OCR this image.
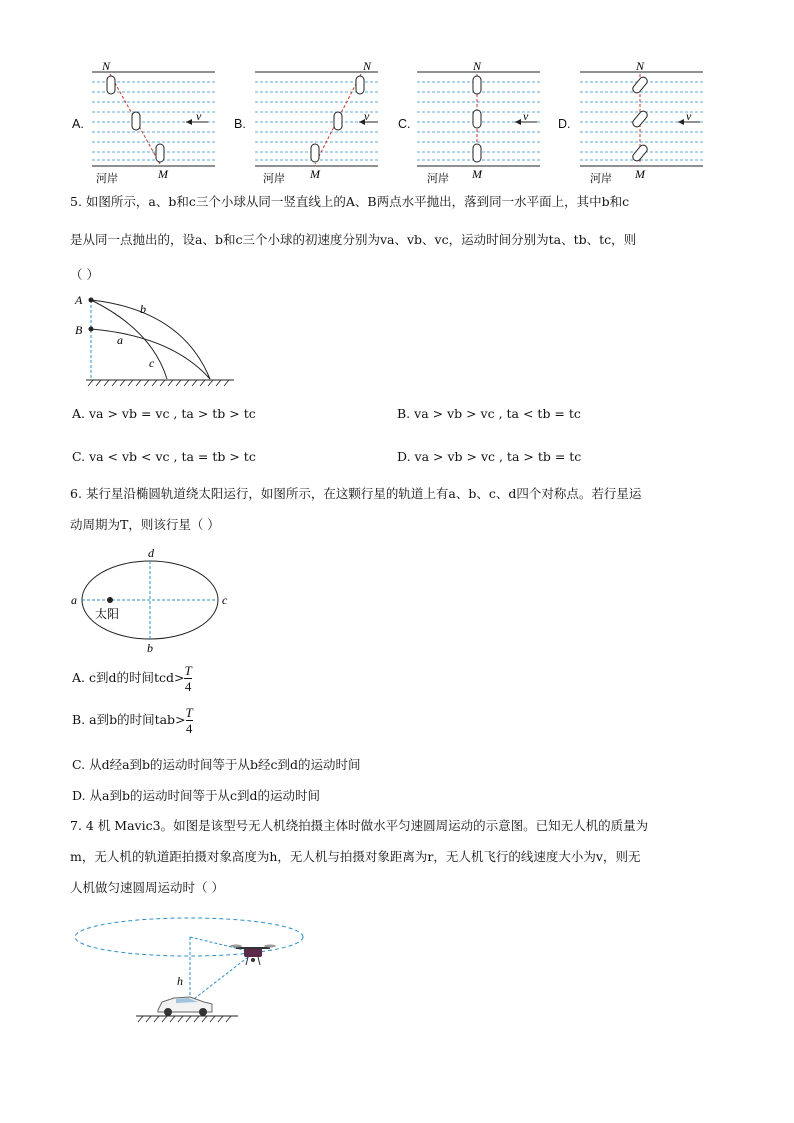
A.
N
M
v
河岸
B.
N
M
v
河岸
C.
N
M
v
河岸
D.
N
M
v
河岸
5. 如图所示，a、b和c三个小球从同一竖直线上的A、B两点水平抛出，落到同一水平面上，其中b和c
是从同一点抛出的，设a、b和c三个小球的初速度分别为va、vb、vc，运动时间分别为ta、tb、tc，则
（ ）
A
B
b
a
c
A. va > vb = vc , ta > tb > tc	B. va > vb > vc , ta < tb = tc
C. va < vb < vc , ta = tb > tc	D. va > vb > vc , ta > tb = tc
6. 某行星沿椭圆轨道绕太阳运行，如图所示，在这颗行星的轨道上有a、b、c、d四个对称点。若行星运
动周期为T，则该行星（ ）
d
b
a	c
太阳
A. c到d的时间$tcd> \frac{T}{4}$
B. a到b的时间$tab> \frac{T}{4}$
C. 从d经a到b的运动时间等于从b经c到d的运动时间
D. 从a到b的运动时间等于从c到d的运动时间
7. 4 机 Mavic3。如图是该型号无人机绕拍摄主体时做水平匀速圆周运动的示意图。已知无人机的质量为
m，无人机的轨道距拍摄对象高度为h，无人机与拍摄对象距离为r，无人机飞行的线速度大小为v，则无
人机做匀速圆周运动时（ ）
h
